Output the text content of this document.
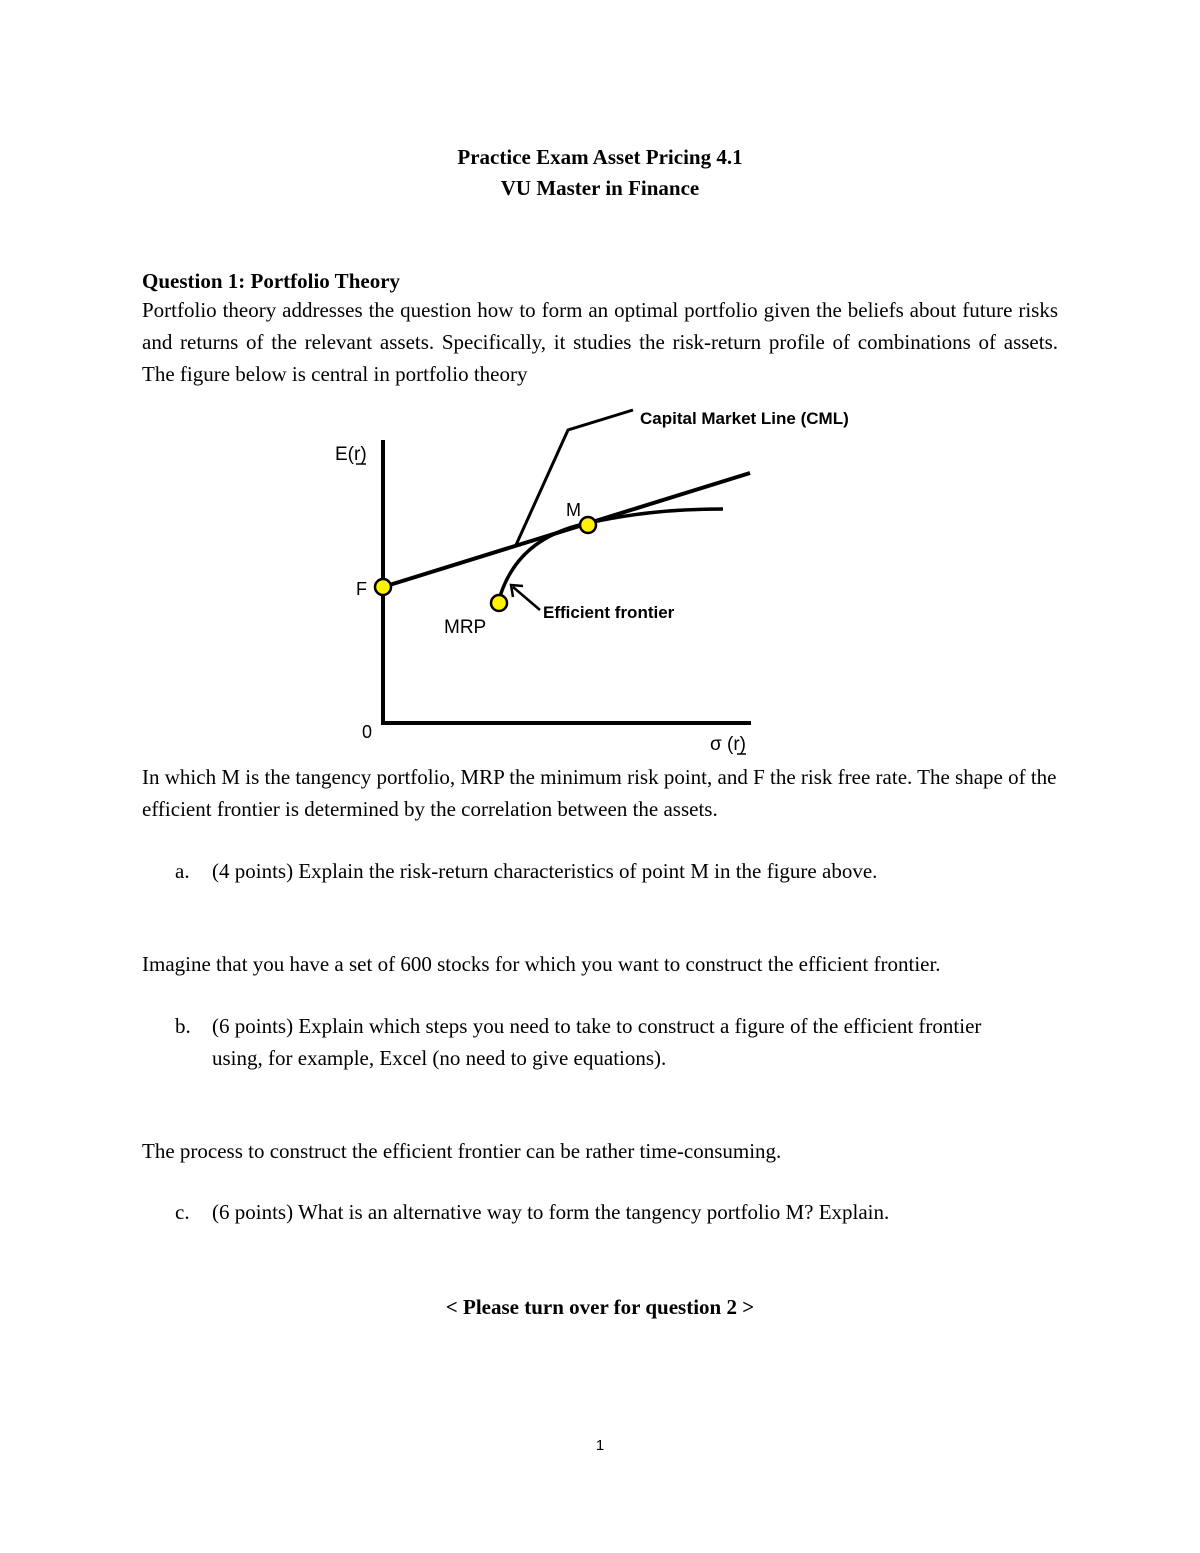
Practice Exam Asset Pricing 4.1
VU Master in Finance
Question 1: Portfolio Theory
Portfolio theory addresses the question how to form an optimal portfolio given the beliefs about future risks and returns of the relevant assets. Specifically, it studies the risk-return profile of combinations of assets. The figure below is central in portfolio theory
Capital Market Line (CML)
E(r)
M
F
MRP
Efficient frontier
0
σ (r)
In which M is the tangency portfolio, MRP the minimum risk point, and F the risk free rate. The shape of the efficient frontier is determined by the correlation between the assets.
a. (4 points) Explain the risk-return characteristics of point M in the figure above.
Imagine that you have a set of 600 stocks for which you want to construct the efficient frontier.
b. (6 points) Explain which steps you need to take to construct a figure of the efficient frontier using, for example, Excel (no need to give equations).
The process to construct the efficient frontier can be rather time-consuming.
c. (6 points) What is an alternative way to form the tangency portfolio M? Explain.
< Please turn over for question 2 >
1
